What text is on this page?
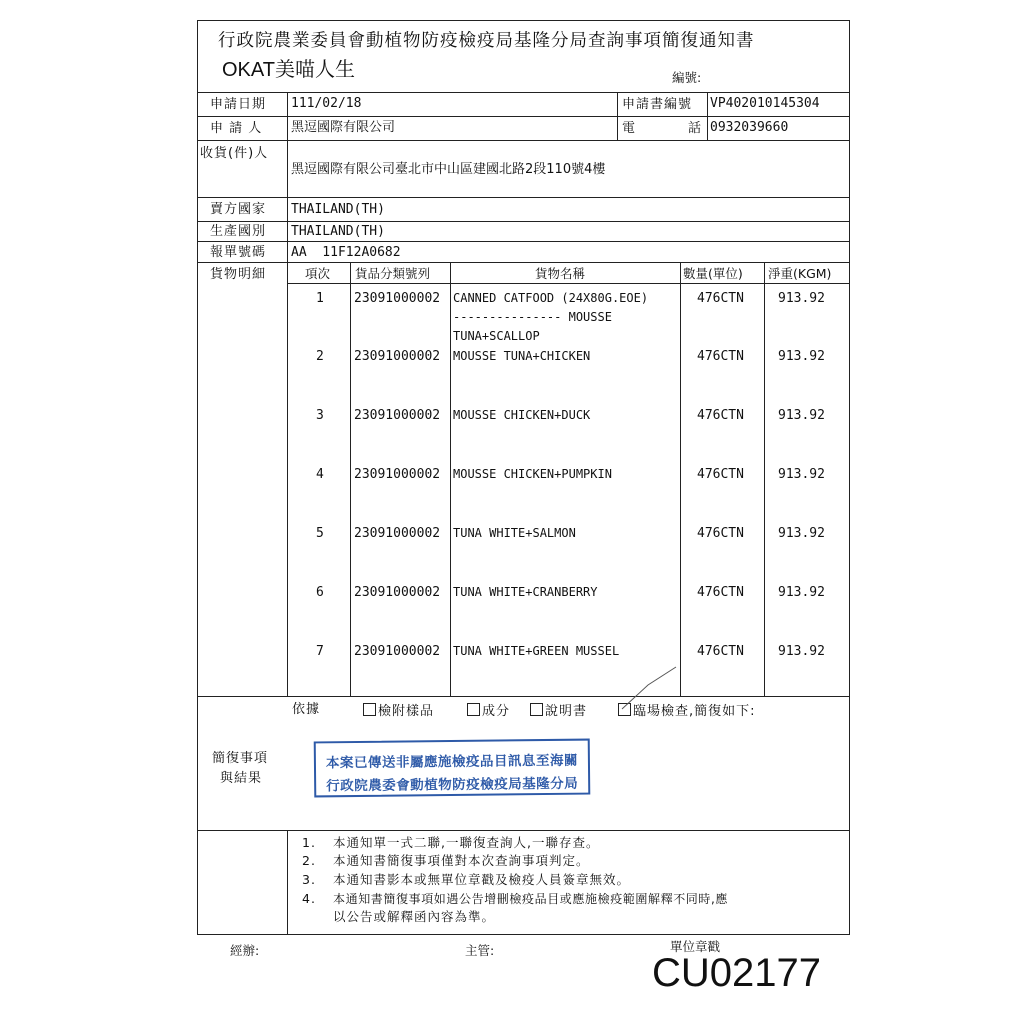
行政院農業委員會動植物防疫檢疫局基隆分局查詢事項簡復通知書
OKAT美喵人生	編號:
申請日期 111/02/18	申請書編號 VP402010145304
申 請 人 黑逗國際有限公司	電	話 0932039660
收貨(件)人
黑逗國際有限公司臺北市中山區建國北路2段110號4樓
賣方國家 THAILAND(TH)
生產國別 THAILAND(TH)
報單號碼 AA  11F12A0682
貨物明細	項次 貨品分類號列	貨物名稱	數量(單位) 淨重(KGM)
1 23091000002 CANNED CATFOOD (24X80G.EOE)
--------------- MOUSSE
TUNA+SCALLOP
476CTN	913.92
2 23091000002 MOUSSE TUNA+CHICKEN	476CTN	913.92
3 23091000002 MOUSSE CHICKEN+DUCK	476CTN	913.92
4 23091000002 MOUSSE CHICKEN+PUMPKIN	476CTN	913.92
5 23091000002 TUNA WHITE+SALMON	476CTN	913.92
6 23091000002 TUNA WHITE+CRANBERRY	476CTN	913.92
7 23091000002 TUNA WHITE+GREEN MUSSEL	476CTN	913.92
依據	檢附樣品	成分	說明書	臨場檢查,簡復如下:
簡復事項
與結果
本案已傳送非屬應施檢疫品目訊息至海關
行政院農委會動植物防疫檢疫局基隆分局
1. 本通知單一式二聯,一聯復查詢人,一聯存查。
2. 本通知書簡復事項僅對本次查詢事項判定。
3. 本通知書影本或無單位章戳及檢疫人員簽章無效。
4. 本通知書簡復事項如遇公告增刪檢疫品目或應施檢疫範圍解釋不同時,應
以公告或解釋函內容為準。
經辦:	主管:	單位章戳
CU02177
